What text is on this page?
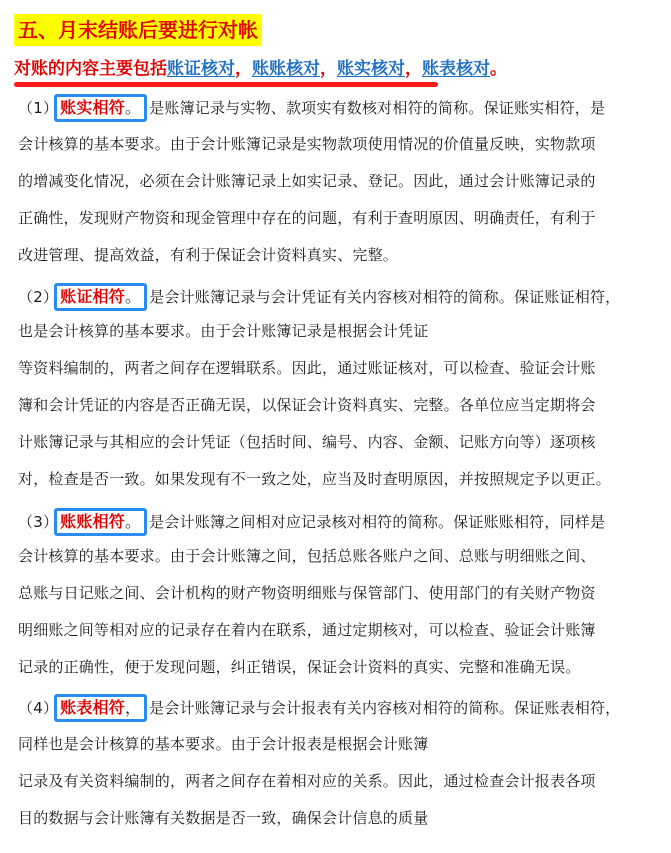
五、月末结账后要进行对帐
对账的内容主要包括账证核对，账账核对，账实核对，账表核对。
（1） 账实相符。 是账簿记录与实物、款项实有数核对相符的简称。保证账实相符，是
会计核算的基本要求。由于会计账簿记录是实物款项使用情况的价值量反映，实物款项
的增减变化情况，必须在会计账簿记录上如实记录、登记。因此，通过会计账簿记录的
正确性，发现财产物资和现金管理中存在的问题，有利于查明原因、明确责任，有利于
改进管理、提高效益，有利于保证会计资料真实、完整。
（2） 账证相符。 是会计账簿记录与会计凭证有关内容核对相符的简称。保证账证相符，
也是会计核算的基本要求。由于会计账簿记录是根据会计凭证
等资料编制的，两者之间存在逻辑联系。因此，通过账证核对，可以检查、验证会计账
簿和会计凭证的内容是否正确无误，以保证会计资料真实、完整。各单位应当定期将会
计账簿记录与其相应的会计凭证（包括时间、编号、内容、金额、记账方向等）逐项核
对，检查是否一致。如果发现有不一致之处，应当及时查明原因，并按照规定予以更正。
（3） 账账相符。 是会计账簿之间相对应记录核对相符的简称。保证账账相符，同样是
会计核算的基本要求。由于会计账簿之间，包括总账各账户之间、总账与明细账之间、
总账与日记账之间、会计机构的财产物资明细账与保管部门、使用部门的有关财产物资
明细账之间等相对应的记录存在着内在联系，通过定期核对，可以检查、验证会计账簿
记录的正确性，便于发现问题，纠正错误，保证会计资料的真实、完整和准确无误。
（4） 账表相符， 是会计账簿记录与会计报表有关内容核对相符的简称。保证账表相符，
同样也是会计核算的基本要求。由于会计报表是根据会计账簿
记录及有关资料编制的，两者之间存在着相对应的关系。因此，通过检查会计报表各项
目的数据与会计账簿有关数据是否一致，确保会计信息的质量
